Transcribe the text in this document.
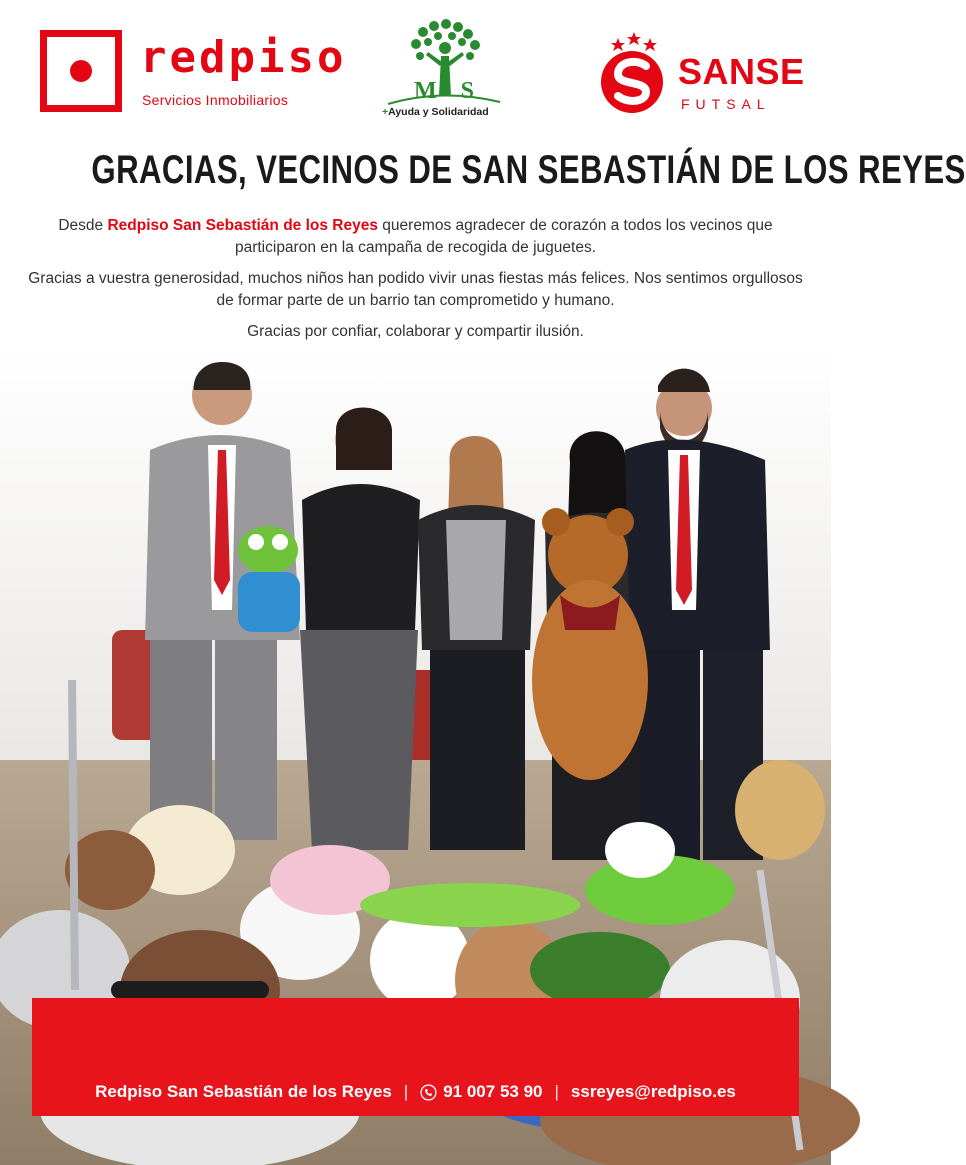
redpiso
Servicios Inmobiliarios	M S
+Ayuda y Solidaridad
SANSE
FUTSAL
GRACIAS, VECINOS DE SAN SEBASTIÁN DE LOS REYES

Desde Redpiso San Sebastián de los Reyes queremos agradecer de corazón a todos los vecinos que participaron en la campaña de recogida de juguetes.

Gracias a vuestra generosidad, muchos niños han podido vivir unas fiestas más felices. Nos sentimos orgullosos de formar parte de un barrio tan comprometido y humano.

Gracias por confiar, colaborar y compartir ilusión.

Redpiso San Sebastián de los Reyes | 91 007 53 90 | ssreyes@redpiso.es
